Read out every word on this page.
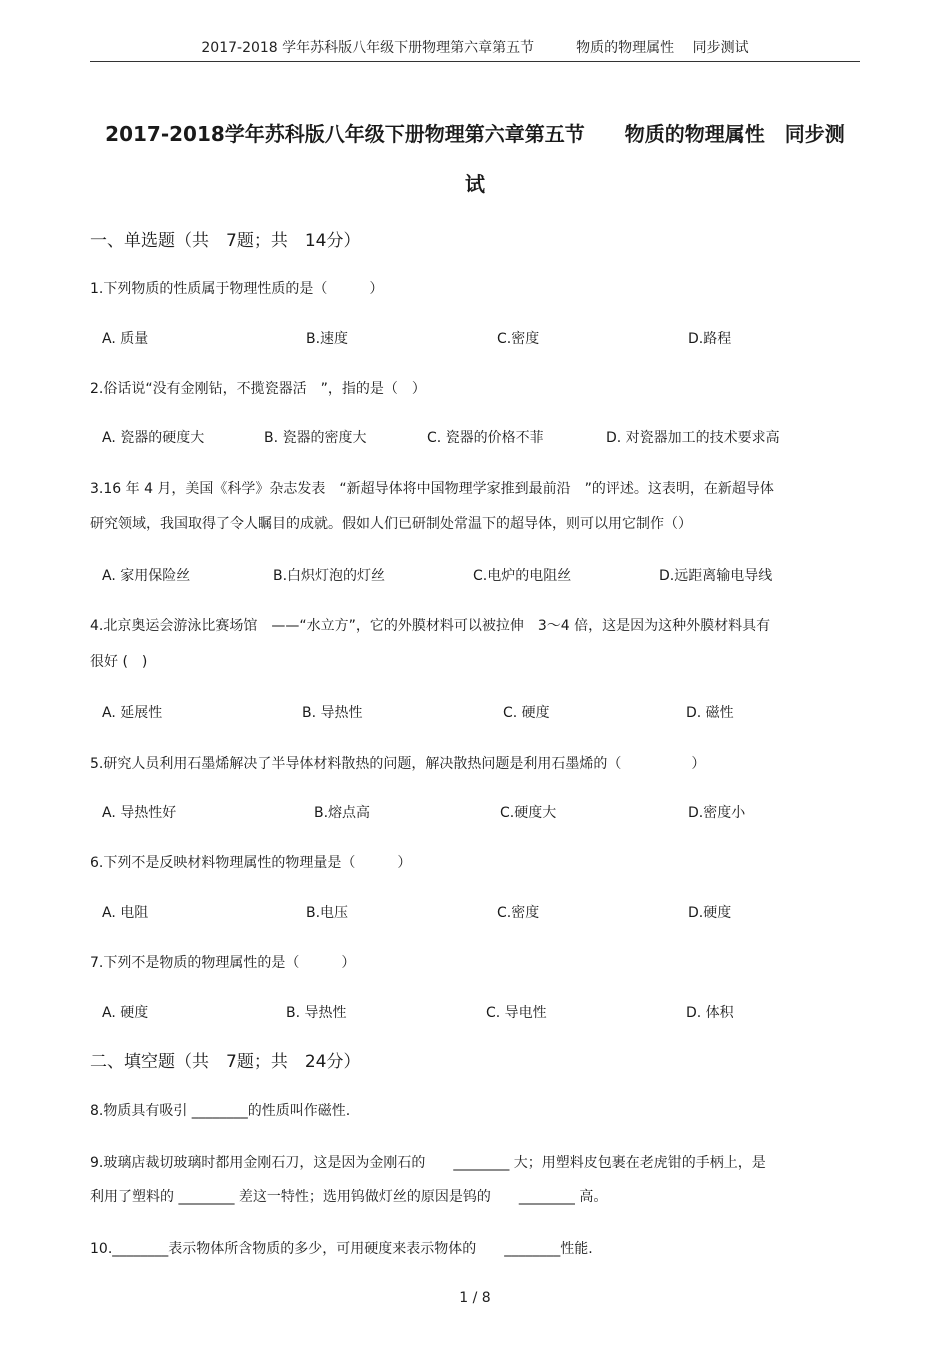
2017-2018 学年苏科版八年级下册物理第六章第五节　　　物质的物理属性　 同步测试
2017-2018学年苏科版八年级下册物理第六章第五节　　物质的物理属性　同步测
试
一、单选题（共　7题；共　14分）
1.下列物质的性质属于物理性质的是（　　　）
A. 质量	B.速度	C.密度	D.路程
2.俗话说“没有金刚钻，不揽瓷器活　”，指的是（　）
A. 瓷器的硬度大	B. 瓷器的密度大	C. 瓷器的价格不菲	D. 对瓷器加工的技术要求高
3.16 年 4 月，美国《科学》杂志发表　“新超导体将中国物理学家推到最前沿　”的评述。这表明，在新超导体
研究领域，我国取得了令人瞩目的成就。假如人们已研制处常温下的超导体，则可以用它制作（）
A. 家用保险丝	B.白炽灯泡的灯丝	C.电炉的电阻丝	D.远距离输电导线
4.北京奥运会游泳比赛场馆　——“水立方”，它的外膜材料可以被拉伸　3～4 倍，这是因为这种外膜材料具有
很好 (　)
A. 延展性	B. 导热性	C. 硬度	D. 磁性
5.研究人员利用石墨烯解决了半导体材料散热的问题，解决散热问题是利用石墨烯的（　　　　　）
A. 导热性好	B.熔点高	C.硬度大	D.密度小
6.下列不是反映材料物理属性的物理量是（　　　）
A. 电阻	B.电压	C.密度	D.硬度
7.下列不是物质的物理属性的是（　　　）
A. 硬度	B. 导热性	C. 导电性	D. 体积
二、填空题（共　7题；共　24分）
8.物质具有吸引 ________的性质叫作磁性.
9.玻璃店裁切玻璃时都用金刚石刀，这是因为金刚石的　　________ 大；用塑料皮包裹在老虎钳的手柄上，是
利用了塑料的 ________ 差这一特性；选用钨做灯丝的原因是钨的　　________ 高。
10.________表示物体所含物质的多少，可用硬度来表示物体的　　________性能.
1 / 8
